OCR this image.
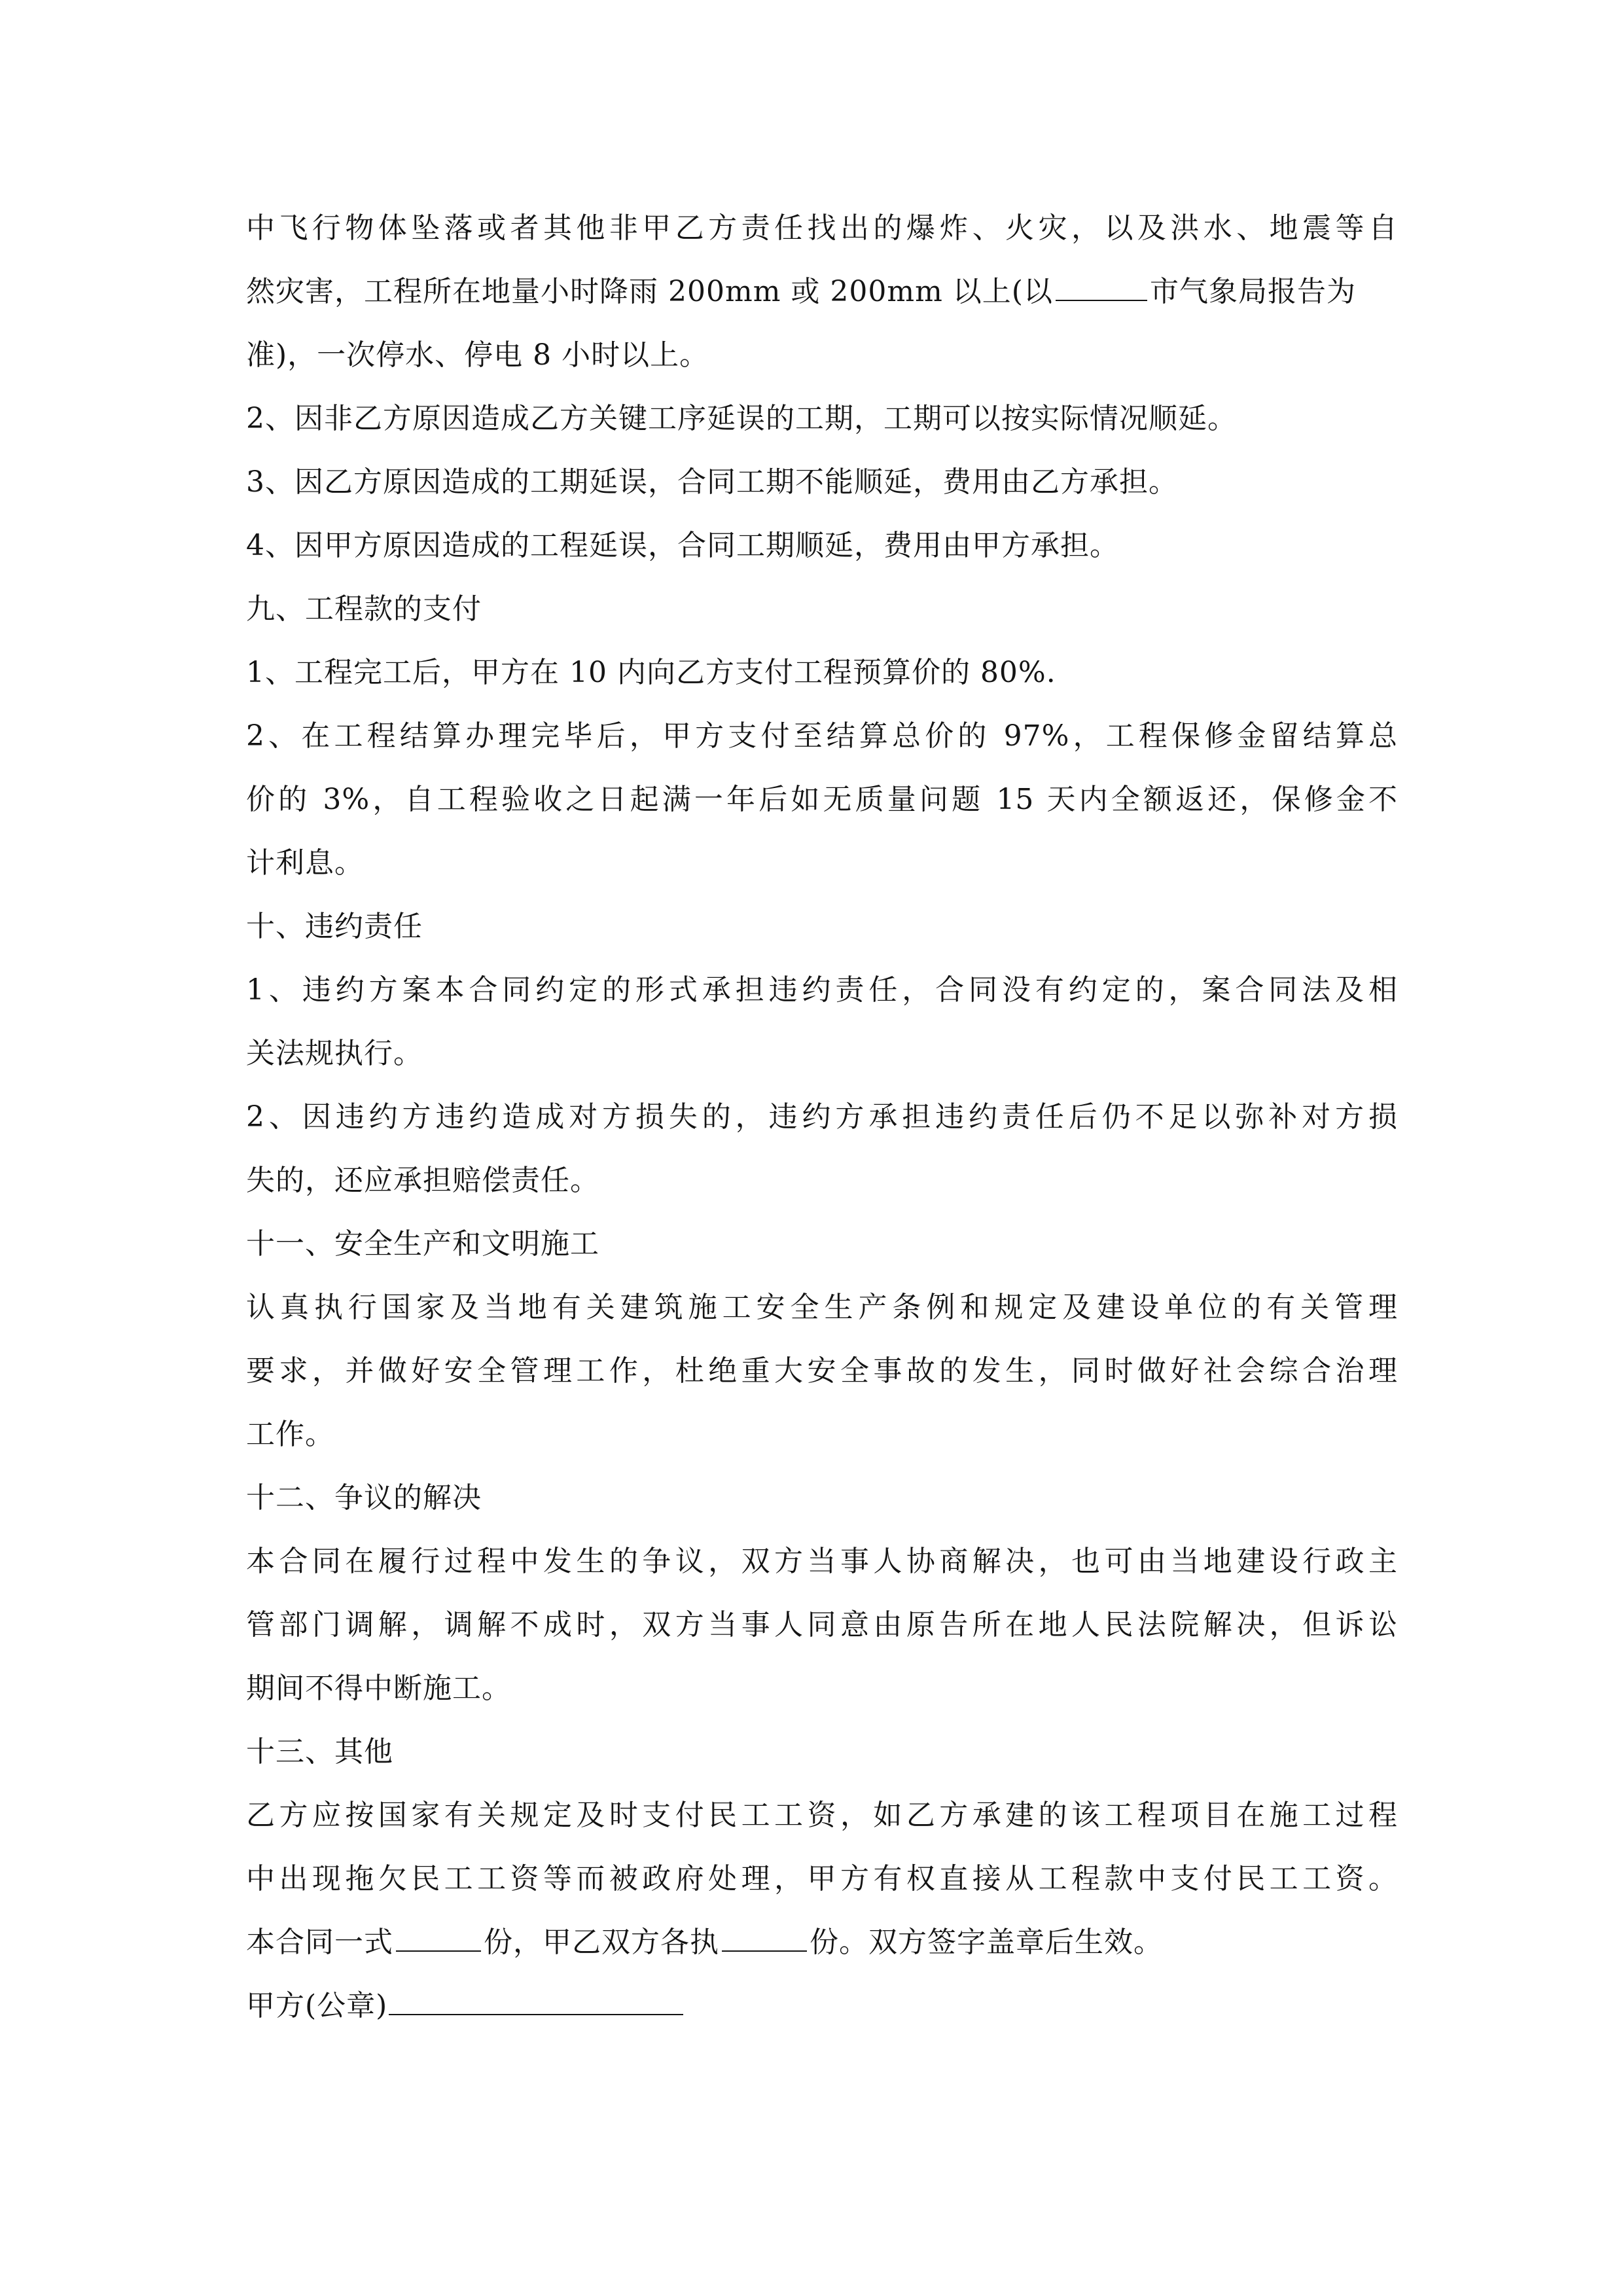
中飞行物体坠落或者其他非甲乙方责任找出的爆炸、火灾，以及洪水、地震等自
然灾害，工程所在地量小时降雨 200mm 或 200mm 以上(以	市气象局报告为
准)，一次停水、停电 8 小时以上。
2、因非乙方原因造成乙方关键工序延误的工期，工期可以按实际情况顺延。
3、因乙方原因造成的工期延误，合同工期不能顺延，费用由乙方承担。
4、因甲方原因造成的工程延误，合同工期顺延，费用由甲方承担。
九、工程款的支付
1、工程完工后，甲方在 10 内向乙方支付工程预算价的 80%.
2、在工程结算办理完毕后，甲方支付至结算总价的 97%，工程保修金留结算总
价的 3%，自工程验收之日起满一年后如无质量问题 15 天内全额返还，保修金不
计利息。
十、违约责任
1、违约方案本合同约定的形式承担违约责任，合同没有约定的，案合同法及相
关法规执行。
2、因违约方违约造成对方损失的，违约方承担违约责任后仍不足以弥补对方损
失的，还应承担赔偿责任。
十一、安全生产和文明施工
认真执行国家及当地有关建筑施工安全生产条例和规定及建设单位的有关管理
要求，并做好安全管理工作，杜绝重大安全事故的发生，同时做好社会综合治理
工作。
十二、争议的解决
本合同在履行过程中发生的争议，双方当事人协商解决，也可由当地建设行政主
管部门调解，调解不成时，双方当事人同意由原告所在地人民法院解决，但诉讼
期间不得中断施工。
十三、其他
乙方应按国家有关规定及时支付民工工资，如乙方承建的该工程项目在施工过程
中出现拖欠民工工资等而被政府处理，甲方有权直接从工程款中支付民工工资。
本合同一式	份，甲乙双方各执	份。双方签字盖章后生效。
甲方(公章)
